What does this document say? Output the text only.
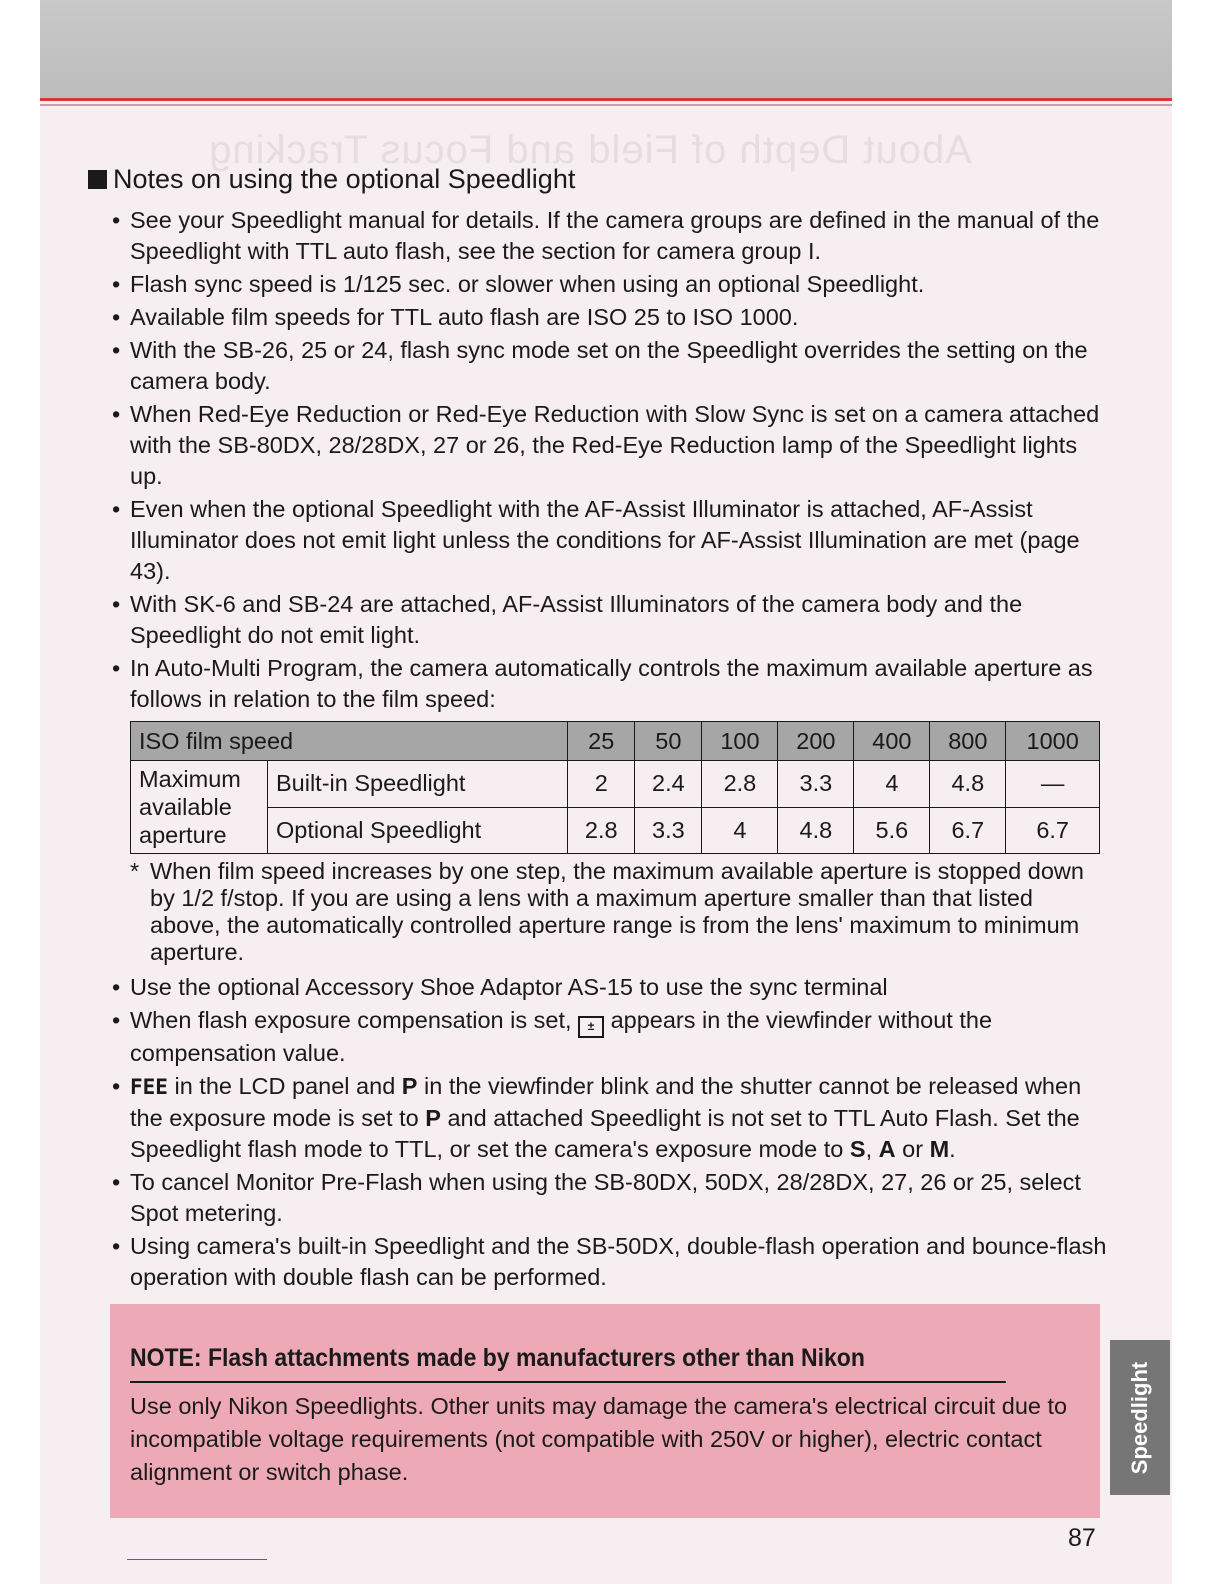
About Depth of Field and Focus Tracking
Notes on using the optional Speedlight
• See your Speedlight manual for details. If the camera groups are defined in the manual of the Speedlight with TTL auto flash, see the section for camera group I.
• Flash sync speed is 1/125 sec. or slower when using an optional Speedlight.
• Available film speeds for TTL auto flash are ISO 25 to ISO 1000.
• With the SB-26, 25 or 24, flash sync mode set on the Speedlight overrides the setting on the camera body.
• When Red-Eye Reduction or Red-Eye Reduction with Slow Sync is set on a camera attached with the SB-80DX, 28/28DX, 27 or 26, the Red-Eye Reduction lamp of the Speedlight lights up.
• Even when the optional Speedlight with the AF-Assist Illuminator is attached, AF-Assist Illuminator does not emit light unless the conditions for AF-Assist Illumination are met (page 43).
• With SK-6 and SB-24 are attached, AF-Assist Illuminators of the camera body and the Speedlight do not emit light.
• In Auto-Multi Program, the camera automatically controls the maximum available aperture as follows in relation to the film speed:
ISO film speed		25	50	100	200	400	800	1000
Maximum available aperture	Built-in Speedlight	2	2.4	2.8	3.3	4	4.8	—
	Optional Speedlight	2.8	3.3	4	4.8	5.6	6.7	6.7
* When film speed increases by one step, the maximum available aperture is stopped down by 1/2 f/stop. If you are using a lens with a maximum aperture smaller than that listed above, the automatically controlled aperture range is from the lens' maximum to minimum aperture.
• Use the optional Accessory Shoe Adaptor AS-15 to use the sync terminal
• When flash exposure compensation is set, ± appears in the viewfinder without the compensation value.
• FEE in the LCD panel and P in the viewfinder blink and the shutter cannot be released when the exposure mode is set to P and attached Speedlight is not set to TTL Auto Flash. Set the Speedlight flash mode to TTL, or set the camera's exposure mode to S, A or M.
• To cancel Monitor Pre-Flash when using the SB-80DX, 50DX, 28/28DX, 27, 26 or 25, select Spot metering.
• Using camera's built-in Speedlight and the SB-50DX, double-flash operation and bounce-flash operation with double flash can be performed.
NOTE: Flash attachments made by manufacturers other than Nikon
Use only Nikon Speedlights. Other units may damage the camera's electrical circuit due to incompatible voltage requirements (not compatible with 250V or higher), electric contact alignment or switch phase.	Speedlight
87
